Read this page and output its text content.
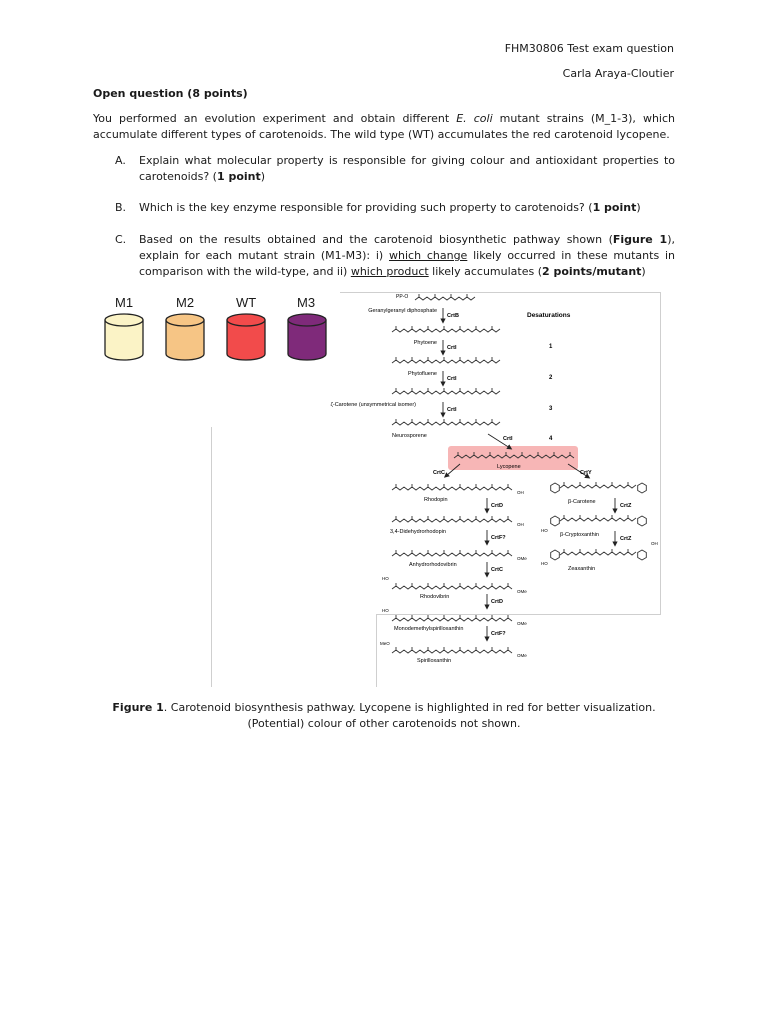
FHM30806 Test exam question
Carla Araya-Cloutier
Open question (8 points)
You performed an evolution experiment and obtain different E. coli mutant strains (M_1-3), which accumulate different types of carotenoids. The wild type (WT) accumulates the red carotenoid lycopene.
A. Explain what molecular property is responsible for giving colour and antioxidant properties to carotenoids? (1 point)
B. Which is the key enzyme responsible for providing such property to carotenoids? (1 point)
C. Based on the results obtained and the carotenoid biosynthetic pathway shown (Figure 1), explain for each mutant strain (M1-M3): i) which change likely occurred in these mutants in comparison with the wild-type, and ii) which product likely accumulates (2 points/mutant)
M1	M2	WT	M3
Desaturations
PP-O
Geranylgeranyl diphosphate
Phytoene
Phytofluene
ζ-Carotene (unsymmetrical isomer)
Neurosporene
CrtB
CrtI
CrtI
CrtI
CrtI
1
2
3
4
Lycopene
CrtC	CrtY
Rhodopin
3,4-Didehydrorhodopin
Anhydrorhodovibrin
Rhodovibrin
Monodemethylspirilloxanthin
Spirilloxanthin
CrtD
CrtF?
CrtC
CrtD
CrtF?
OH
OH
OMe
HO
OMe
HO
OMe
MeO
OMe
β-Carotene
β-Cryptoxanthin
Zeaxanthin
CrtZ
CrtZ
HO
HO
OH
Figure 1. Carotenoid biosynthesis pathway. Lycopene is highlighted in red for better visualization. (Potential) colour of other carotenoids not shown.
